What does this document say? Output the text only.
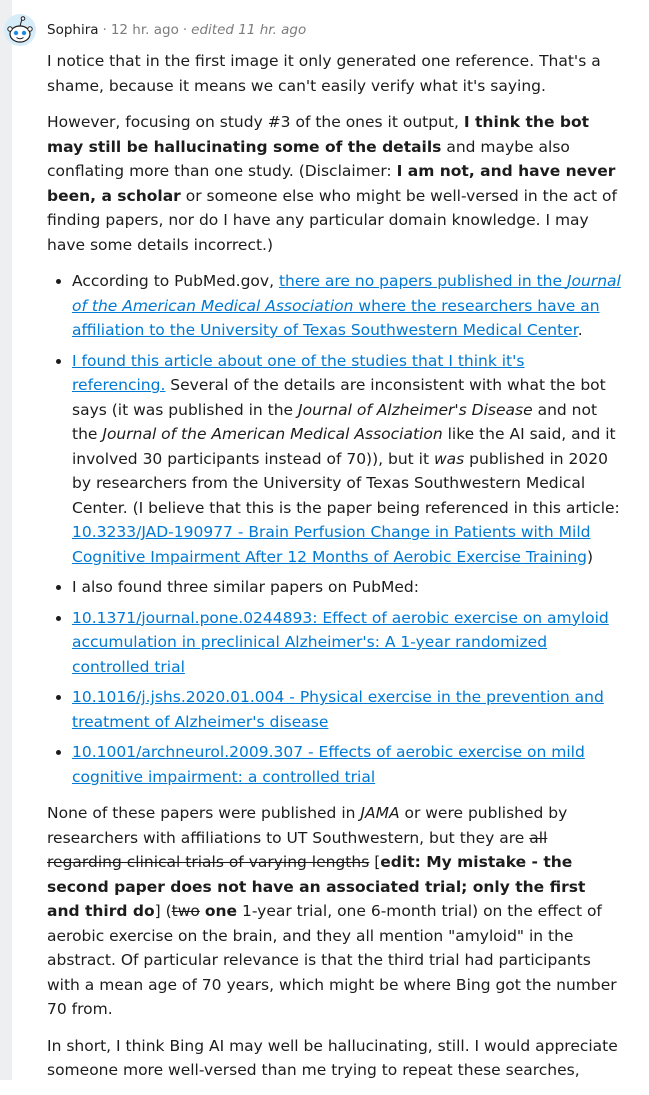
Sophira · 12 hr. ago · edited 11 hr. ago

I notice that in the first image it only generated one reference. That's a shame, because it means we can't easily verify what it's saying.

However, focusing on study #3 of the ones it output, I think the bot may still be hallucinating some of the details and maybe also conflating more than one study. (Disclaimer: I am not, and have never been, a scholar or someone else who might be well-versed in the act of finding papers, nor do I have any particular domain knowledge. I may have some details incorrect.)

• According to PubMed.gov, there are no papers published in the Journal of the American Medical Association where the researchers have an affiliation to the University of Texas Southwestern Medical Center.
• I found this article about one of the studies that I think it's referencing. Several of the details are inconsistent with what the bot says (it was published in the Journal of Alzheimer's Disease and not the Journal of the American Medical Association like the AI said, and it involved 30 participants instead of 70)), but it was published in 2020 by researchers from the University of Texas Southwestern Medical Center. (I believe that this is the paper being referenced in this article: 10.3233/JAD-190977 - Brain Perfusion Change in Patients with Mild Cognitive Impairment After 12 Months of Aerobic Exercise Training)
• I also found three similar papers on PubMed:
• 10.1371/journal.pone.0244893: Effect of aerobic exercise on amyloid accumulation in preclinical Alzheimer's: A 1-year randomized controlled trial
• 10.1016/j.jshs.2020.01.004 - Physical exercise in the prevention and treatment of Alzheimer's disease
• 10.1001/archneurol.2009.307 - Effects of aerobic exercise on mild cognitive impairment: a controlled trial

None of these papers were published in JAMA or were published by researchers with affiliations to UT Southwestern, but they are all regarding clinical trials of varying lengths [edit: My mistake - the second paper does not have an associated trial; only the first and third do] (two one 1-year trial, one 6-month trial) on the effect of aerobic exercise on the brain, and they all mention "amyloid" in the abstract. Of particular relevance is that the third trial had participants with a mean age of 70 years, which might be where Bing got the number 70 from.

In short, I think Bing AI may well be hallucinating, still. I would appreciate someone more well-versed than me trying to repeat these searches,
